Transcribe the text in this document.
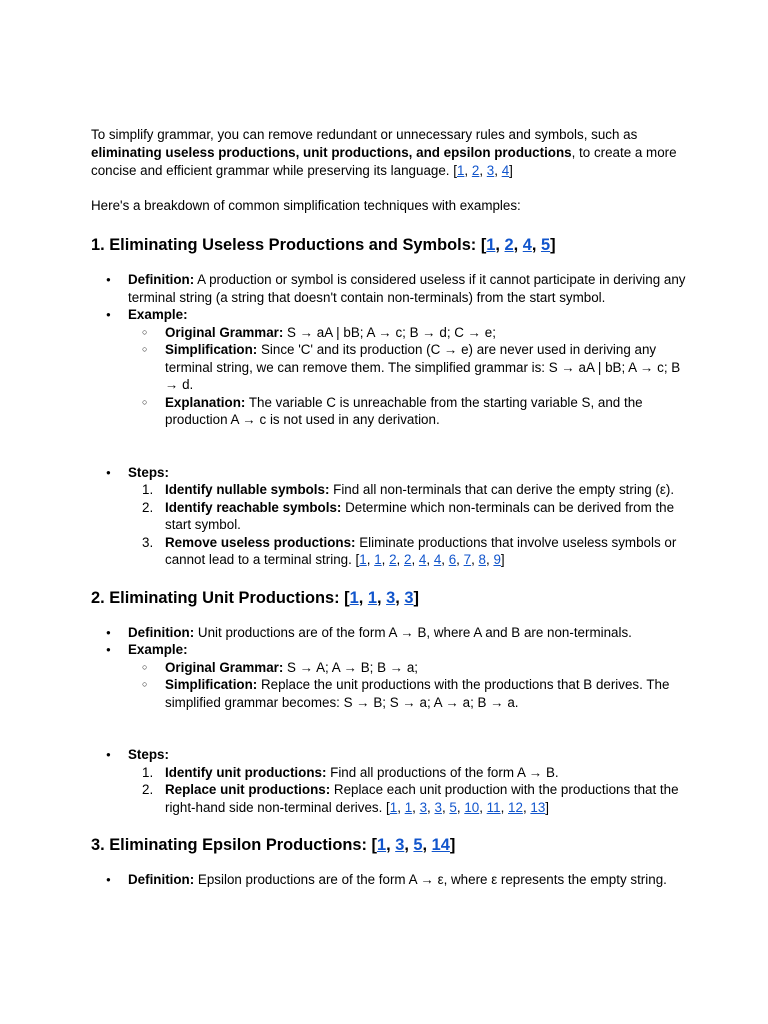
To simplify grammar, you can remove redundant or unnecessary rules and symbols, such as eliminating useless productions, unit productions, and epsilon productions, to create a more concise and efficient grammar while preserving its language. [1, 2, 3, 4]

Here's a breakdown of common simplification techniques with examples:

1. Eliminating Useless Productions and Symbols: [1, 2, 4, 5]
● Definition: A production or symbol is considered useless if it cannot participate in deriving any terminal string (a string that doesn't contain non-terminals) from the start symbol.
● Example:
○ Original Grammar: S → aA | bB; A → c; B → d; C → e;
○ Simplification: Since 'C' and its production (C → e) are never used in deriving any terminal string, we can remove them. The simplified grammar is: S → aA | bB; A → c; B → d.
○ Explanation: The variable C is unreachable from the starting variable S, and the production A → c is not used in any derivation.
● Steps:
1. Identify nullable symbols: Find all non-terminals that can derive the empty string (ε).
2. Identify reachable symbols: Determine which non-terminals can be derived from the start symbol.
3. Remove useless productions: Eliminate productions that involve useless symbols or cannot lead to a terminal string. [1, 1, 2, 2, 4, 4, 6, 7, 8, 9]
2. Eliminating Unit Productions: [1, 1, 3, 3]
● Definition: Unit productions are of the form A → B, where A and B are non-terminals.
● Example:
○ Original Grammar: S → A; A → B; B → a;
○ Simplification: Replace the unit productions with the productions that B derives. The simplified grammar becomes: S → B; S → a; A → a; B → a.
● Steps:
1. Identify unit productions: Find all productions of the form A → B.
2. Replace unit productions: Replace each unit production with the productions that the right-hand side non-terminal derives. [1, 1, 3, 3, 5, 10, 11, 12, 13]
3. Eliminating Epsilon Productions: [1, 3, 5, 14]
● Definition: Epsilon productions are of the form A → ε, where ε represents the empty string.
